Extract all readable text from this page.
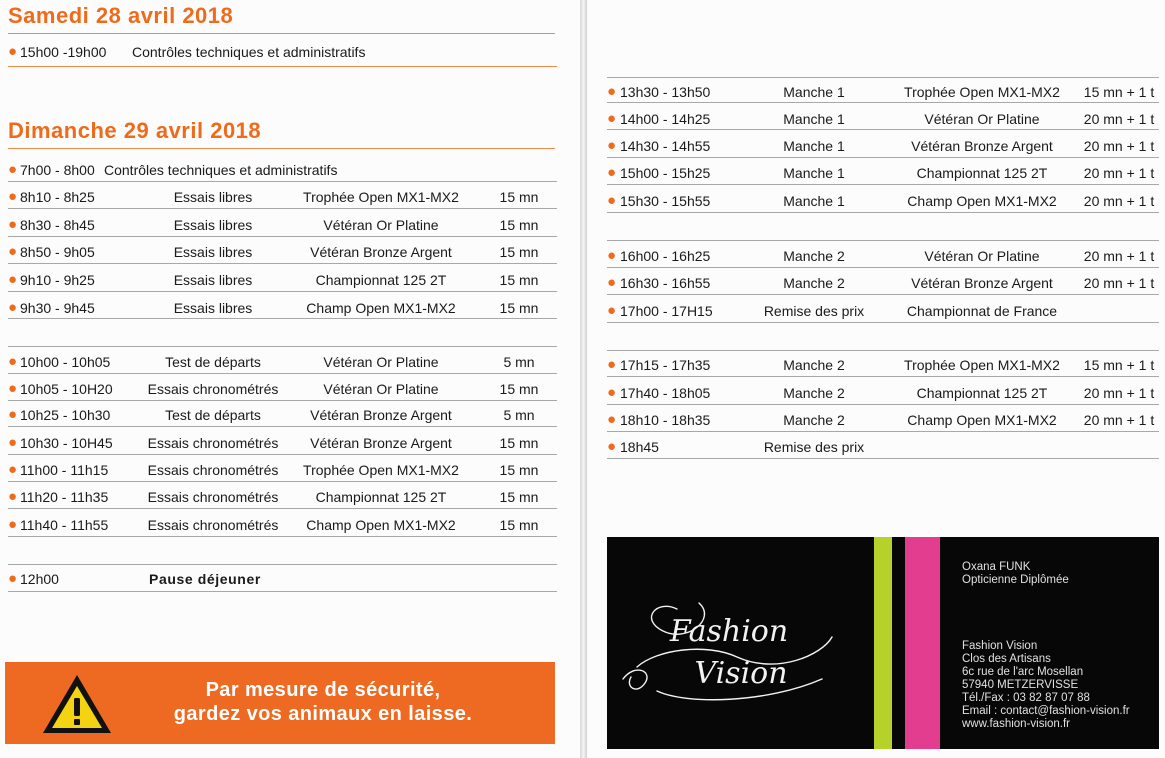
Samedi 28 avril 2018
● 15h00 -19h00 Contrôles techniques et administratifs
Dimanche 29 avril 2018
● 7h00 - 8h00 Contrôles techniques et administratifs
● 8h10 - 8h25	Essais libres	Trophée Open MX1-MX2	15 mn
● 8h30 - 8h45	Essais libres	Vétéran Or Platine	15 mn
● 8h50 - 9h05	Essais libres	Vétéran Bronze Argent	15 mn
● 9h10 - 9h25	Essais libres	Championnat 125 2T	15 mn
● 9h30 - 9h45	Essais libres	Champ Open MX1-MX2	15 mn
● 10h00 - 10h05	Test de départs	Vétéran Or Platine	5 mn
● 10h05 - 10H20	Essais chronométrés	Vétéran Or Platine	15 mn
● 10h25 - 10h30	Test de départs	Vétéran Bronze Argent	5 mn
● 10h30 - 10H45	Essais chronométrés	Vétéran Bronze Argent	15 mn
● 11h00 - 11h15	Essais chronométrés	Trophée Open MX1-MX2	15 mn
● 11h20 - 11h35	Essais chronométrés	Championnat 125 2T	15 mn
● 11h40 - 11h55	Essais chronométrés	Champ Open MX1-MX2	15 mn
● 12h00	Pause déjeuner
Par mesure de sécurité,
gardez vos animaux en laisse.
● 13h30 - 13h50	Manche 1	Trophée Open MX1-MX2	15 mn + 1 t
● 14h00 - 14h25	Manche 1	Vétéran Or Platine	20 mn + 1 t
● 14h30 - 14h55	Manche 1	Vétéran Bronze Argent	20 mn + 1 t
● 15h00 - 15h25	Manche 1	Championnat 125 2T	20 mn + 1 t
● 15h30 - 15h55	Manche 1	Champ Open MX1-MX2	20 mn + 1 t
● 16h00 - 16h25	Manche 2	Vétéran Or Platine	20 mn + 1 t
● 16h30 - 16h55	Manche 2	Vétéran Bronze Argent	20 mn + 1 t
● 17h00 - 17H15	Remise des prix	Championnat de France
● 17h15 - 17h35	Manche 2	Trophée Open MX1-MX2	15 mn + 1 t
● 17h40 - 18h05	Manche 2	Championnat 125 2T	20 mn + 1 t
● 18h10 - 18h35	Manche 2	Champ Open MX1-MX2	20 mn + 1 t
● 18h45	Remise des prix
Fashion
Vision
Oxana FUNK
Opticienne Diplômée
Fashion Vision
Clos des Artisans
6c rue de l'arc Mosellan
57940 METZERVISSE
Tél./Fax : 03 82 87 07 88
Email : contact@fashion-vision.fr
www.fashion-vision.fr
